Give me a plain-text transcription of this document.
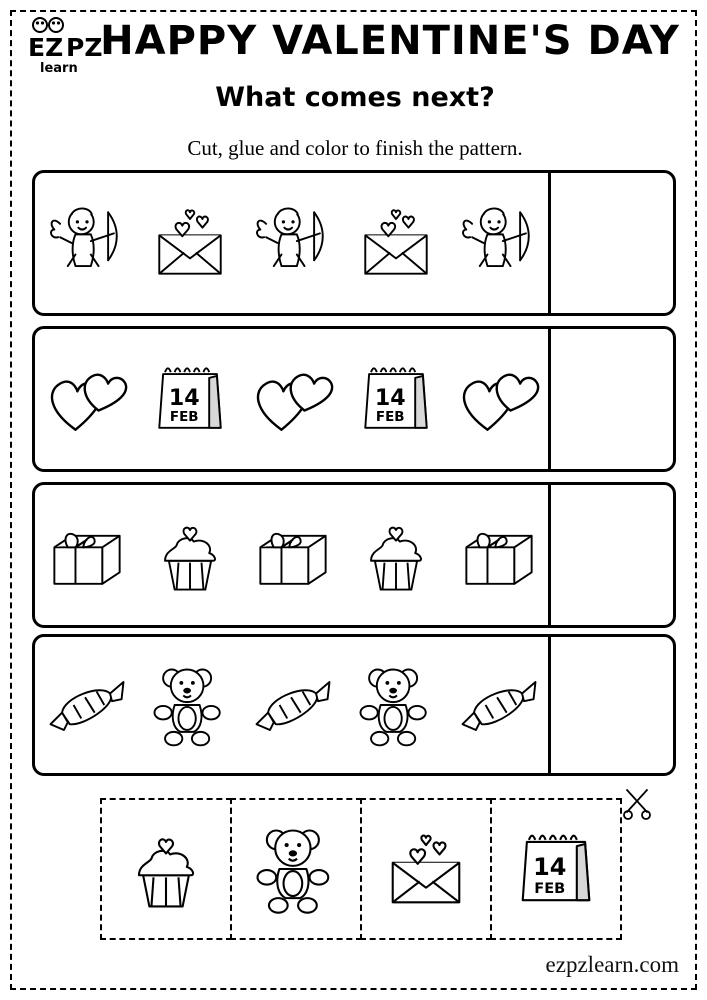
EZ PZ
learn
HAPPY VALENTINE'S DAY
What comes next?
Cut, glue and color to finish the pattern.
14
FEB
14
FEB
14
FEB
ezpzlearn.com
